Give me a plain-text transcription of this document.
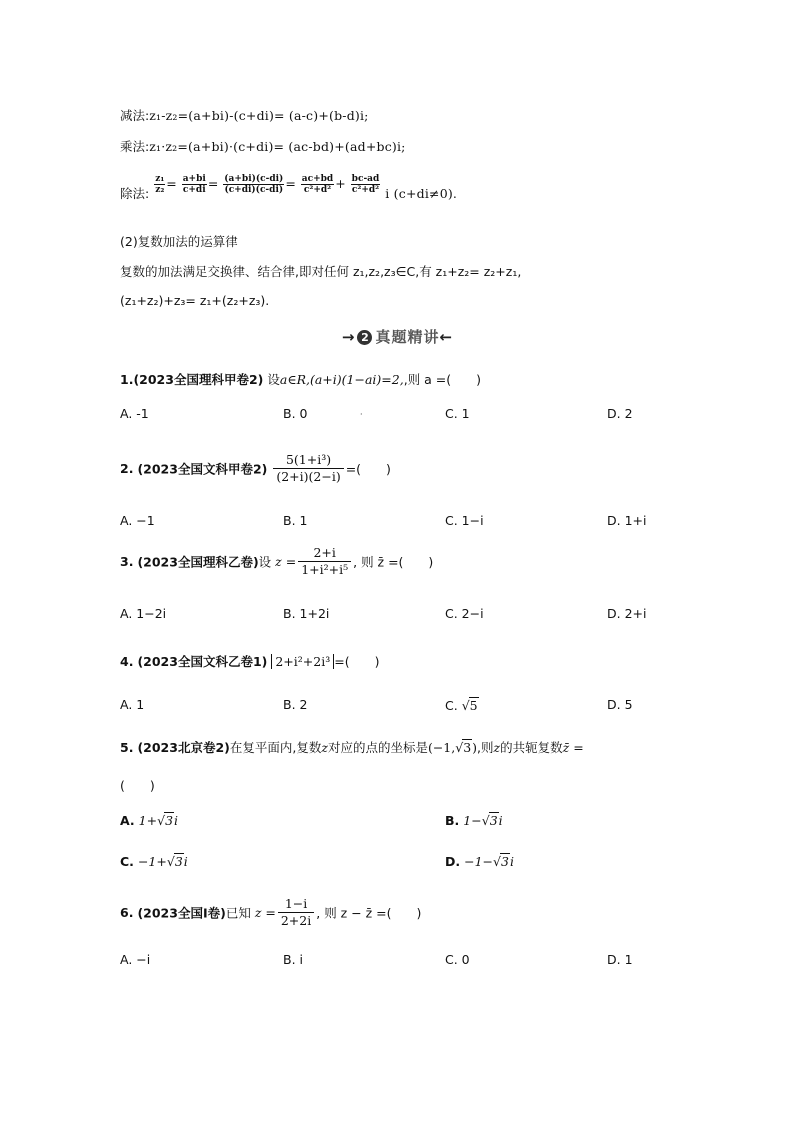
减法:z₁-z₂=(a+bi)-(c+di)= (a-c)+(b-d)i;
乘法:z₁·z₂=(a+bi)·(c+di)= (ac-bd)+(ad+bc)i;
除法: $\frac{\text{z₁}}{\text{z₂}} = \frac{a+bi}{c+di} = \frac{(a+bi)(c-di)}{(c+di)(c-di)} = \frac{ac+bd}{\text{c²+d²}} + \frac{bc-ad}{\text{c²+d²}}$ i (c+di≠0).
(2)复数加法的运算律
复数的加法满足交换律、结合律,即对任何 z₁,z₂,z₃∈C,有 z₁+z₂= z₂+z₁,
(z₁+z₂)+z₃= z₁+(z₂+z₃).
→ 2 真题精讲←
1.(2023全国理科甲卷2) 设a∈R,(a+i)(1−ai)=2,,则 a =(　　)
A. -1	B. 0	·	C. 1	D. 2
2. (2023全国文科甲卷$2) \frac{\text{5(1+i³)}}{(2+i)(2-i)}$ =(　　)
A. −1	B. 1	C. 1−i	D. 1+i
3. (2023全国理科乙卷)设 $z = \frac{2+i}{\text{1+i²+i⁵}}$ , 则 z̄ =(　　)
A. 1−2i	B. 1+2i	C. 2−i	D. 2+i
4. (2023全国文科乙卷1) 2+i²+2i³ =(　　)
A. 1	B. 2	C. √5	D. 5
5. (2023北京卷2)在复平面内,复数z对应的点的坐标是(−1,√3),则z的共轭复数z̄ =
(　　)
A. 1+√3i	B. 1−√3i
C. −1+√3i	D. −1−√3i
6. (2023全国Ⅰ卷)已知 $z = \frac{1-i}{2+2i}$ , 则 z − z̄ =(　　)
A. −i	B. i	C. 0	D. 1
